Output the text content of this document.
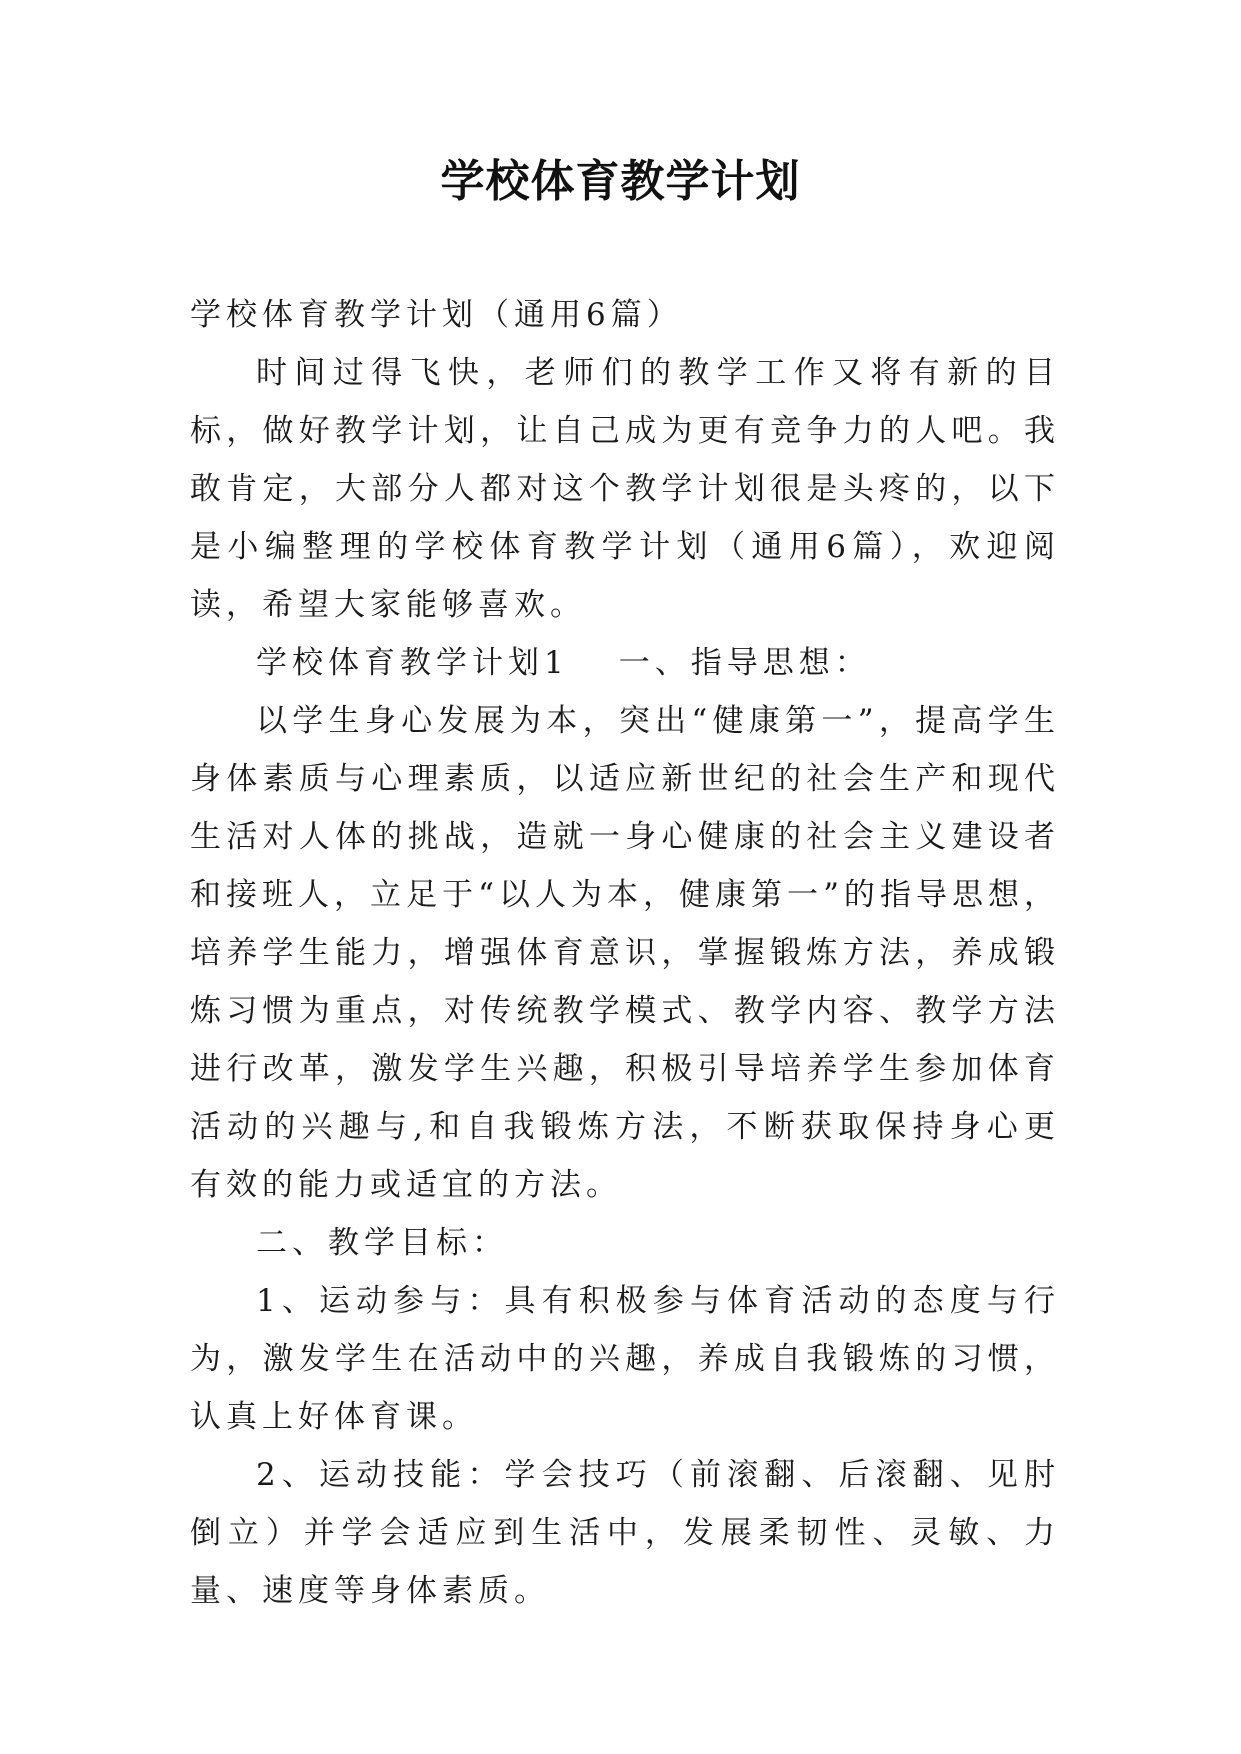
学校体育教学计划

学校体育教学计划（通用6篇）

时间过得飞快，老师们的教学工作又将有新的目标，做好教学计划，让自己成为更有竞争力的人吧。我敢肯定，大部分人都对这个教学计划很是头疼的，以下是小编整理的学校体育教学计划（通用6篇），欢迎阅读，希望大家能够喜欢。

学校体育教学计划1 一、指导思想：

以学生身心发展为本，突出“健康第一”，提高学生身体素质与心理素质，以适应新世纪的社会生产和现代生活对人体的挑战，造就一身心健康的社会主义建设者和接班人，立足于“以人为本，健康第一”的指导思想，培养学生能力，增强体育意识，掌握锻炼方法，养成锻炼习惯为重点，对传统教学模式、教学内容、教学方法进行改革，激发学生兴趣，积极引导培养学生参加体育活动的兴趣与,和自我锻炼方法，不断获取保持身心更有效的能力或适宜的方法。

二、教学目标：

1、运动参与：具有积极参与体育活动的态度与行为，激发学生在活动中的兴趣，养成自我锻炼的习惯，认真上好体育课。

2、运动技能：学会技巧（前滚翻、后滚翻、见肘倒立）并学会适应到生活中，发展柔韧性、灵敏、力量、速度等身体素质。
